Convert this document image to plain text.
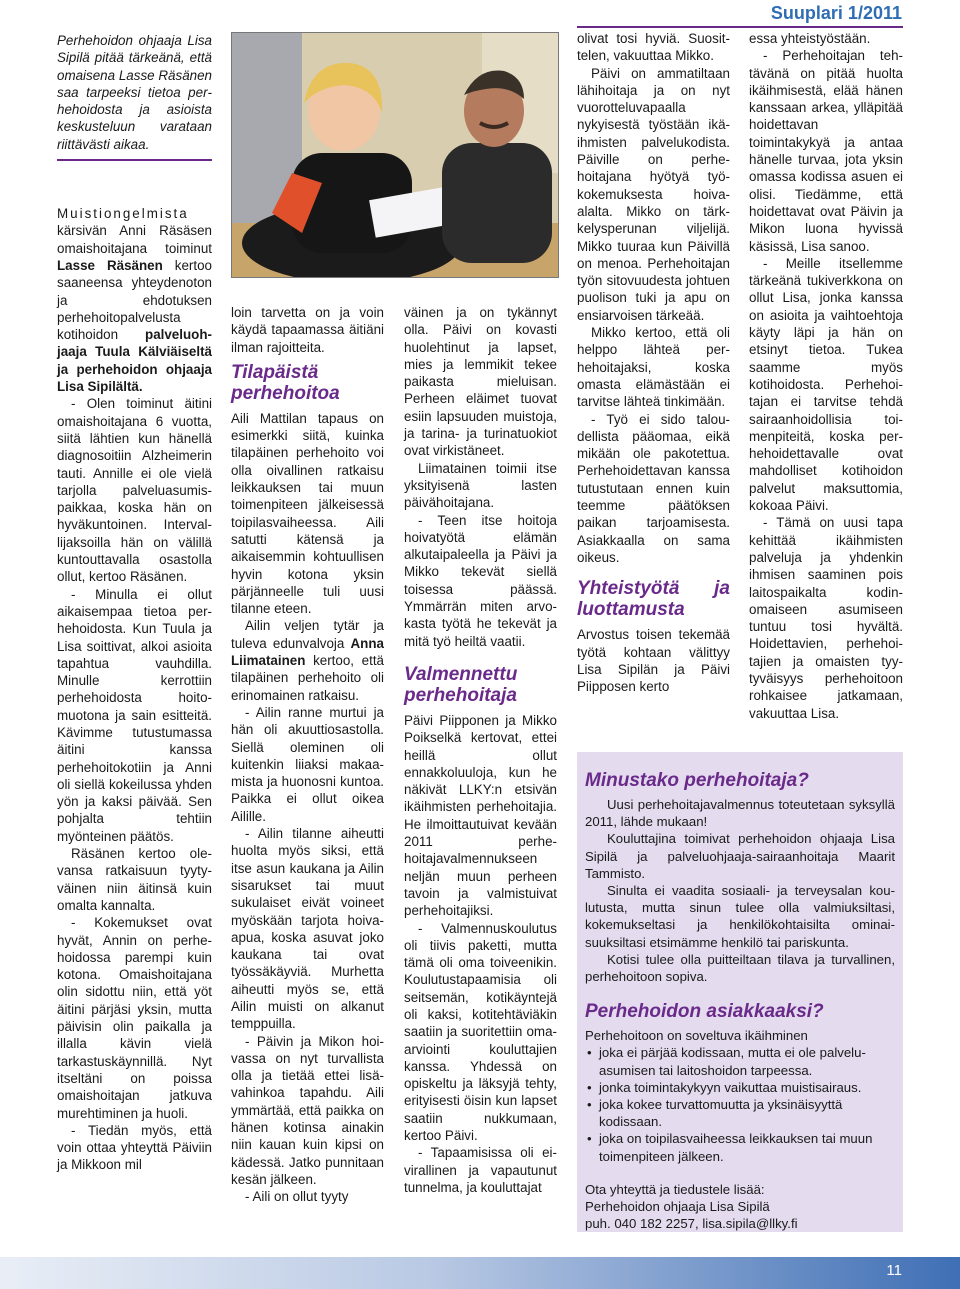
Suuplari 1/2011

Perhehoidon ohjaaja Lisa Sipilä pitää tärkeänä, että omaisena Lasse Räsänen saa tarpeeksi tietoa perhehoidosta ja asioista keskusteluun varataan riittävästi aikaa.

Muistiongelmista kärsivän Anni Räsäsen omaishoitajana toiminut Lasse Räsänen kertoo saaneensa yhteydenoton ja ehdotuksen perhehoitopalvelusta kotihoidon palveluohjaaja Tuula Kälviäiseltä ja perhehoidon ohjaaja Lisa Sipilältä.

- Olen toiminut äitini omaishoitajana 6 vuotta, siitä lähtien kun hänellä diagnosoitiin Alzheimerin tauti. Annille ei ole vielä tarjolla palveluasumispaikkaa, koska hän on hyväkuntoinen. Intervallijaksoilla hän on välillä kuntouttavalla osastolla ollut, kertoo Räsänen.

- Minulla ei ollut aikaisempaa tietoa perhehoidosta. Kun Tuula ja Lisa soittivat, alkoi asioita tapahtua vauhdilla. Minulle kerrottiin perhehoidosta hoitomuotona ja sain esitteitä. Kävimme tutustumassa äitini kanssa perhehoitokotiin ja Anni oli siellä kokeilussa yhden yön ja kaksi päivää. Sen pohjalta tehtiin myönteinen päätös.

Räsänen kertoo olevansa ratkaisuun tyytyväinen niin äitinsä kuin omalta kannalta.

- Kokemukset ovat hyvät, Annin on perhehoidossa parempi kuin kotona. Omaishoitajana olin sidottu niin, että yöt äitini pärjäsi yksin, mutta päivisin olin paikalla ja illalla kävin vielä tarkastuskäynnillä. Nyt itseltäni on poissa omaishoitajan jatkuva murehtiminen ja huoli.

- Tiedän myös, että voin ottaa yhteyttä Päiviin ja Mikkoon mil

loin tarvetta on ja voin käydä tapaamassa äitiäni ilman rajoitteita.

Tilapäistä perhehoitoa

Aili Mattilan tapaus on esimerkki siitä, kuinka tilapäinen perhehoito voi olla oivallinen ratkaisu leikkauksen tai muun toimenpiteen jälkeisessä toipilasvaiheessa. Aili satutti kätensä ja aikaisemmin kohtuullisen hyvin kotona yksin pärjänneelle tuli uusi tilanne eteen.

Ailin veljen tytär ja tuleva edunvalvoja Anna Liimatainen kertoo, että tilapäinen perhehoito oli erinomainen ratkaisu.

- Ailin ranne murtui ja hän oli akuuttiosastolla. Siellä oleminen oli kuitenkin liiaksi makaamista ja huonosni kuntoa. Paikka ei ollut oikea Ailille.

- Ailin tilanne aiheutti huolta myös siksi, että itse asun kaukana ja Ailin sisarukset tai muut sukulaiset eivät voineet myöskään tarjota hoiva-apua, koska asuvat joko kaukana tai ovat työssäkäyviä. Murhetta aiheutti myös se, että Ailin muisti on alkanut temppuilla.

- Päivin ja Mikon hoivassa on nyt turvallista olla ja tietää ettei lisävahinkoa tapahdu. Aili ymmärtää, että paikka on hänen kotinsa ainakin niin kauan kuin kipsi on kädessä. Jatko punnitaan kesän jälkeen.

- Aili on ollut tyyty

väinen ja on tykännyt olla. Päivi on kovasti huolehtinut ja lapset, mies ja lemmikit tekee paikasta mieluisan. Perheen eläimet tuovat esiin lapsuuden muistoja, ja tarina- ja turinatuokiot ovat virkistäneet.

Liimatainen toimii itse yksityisenä lasten päivähoitajana.

- Teen itse hoitoja hoivatyötä elämän alkutaipaleella ja Päivi ja Mikko tekevät siellä toisessa päässä. Ymmärrän miten arvokasta työtä he tekevät ja mitä työ heiltä vaatii.

Valmennettu perhehoitaja

Päivi Piipponen ja Mikko Poikselkä kertovat, ettei heillä ollut ennakkoluuloja, kun he näkivät LLKY:n etsivän ikäihmisten perhehoitajia. He ilmoittautuivat kevään 2011 perhehoitajavalmennukseen neljän muun perheen tavoin ja valmistuivat perhehoitajiksi.

- Valmennuskoulutus oli tiivis paketti, mutta tämä oli oma toiveenikin. Koulutustapaamisia oli seitsemän, kotikäyntejä oli kaksi, kotitehtäviäkin saatiin ja suoritettiin oma-arviointi kouluttajien kanssa. Yhdessä on opiskeltu ja läksyjä tehty, erityisesti öisin kun lapset saatiin nukkumaan, kertoo Päivi.

- Tapaamisissa oli eivirallinen ja vapautunut tunnelma, ja kouluttajat

olivat tosi hyviä. Suosittelen, vakuuttaa Mikko.

Päivi on ammatiltaan lähihoitaja ja on nyt vuorotteluvapaalla nykyisestä työstään ikäihmisten palvelukodista. Päiville on perhehoitajana hyötyä työkokemuksesta hoivaalalta. Mikko on tärkkelysperunan viljelijä. Mikko tuuraa kun Päivillä on menoa. Perhehoitajan työn sitovuudesta johtuen puolison tuki ja apu on ensiarvoisen tärkeää.

Mikko kertoo, että oli helppo lähteä perhehoitajaksi, koska omasta elämästään ei tarvitse lähteä tinkimään.

- Työ ei sido taloudellista pääomaa, eikä mikään ole pakotettua. Perhehoidettavan kanssa tutustutaan ennen kuin teemme päätöksen paikan tarjoamisesta. Asiakkaalla on sama oikeus.

Yhteistyötä ja luottamusta

Arvostus toisen tekemää työtä kohtaan välittyy Lisa Sipilän ja Päivi Piipposen kerto

essa yhteistyöstään.

- Perhehoitajan tehtävänä on pitää huolta ikäihmisestä, elää hänen kanssaan arkea, ylläpitää hoidettavan toimintakykyä ja antaa hänelle turvaa, jota yksin omassa kodissa asuen ei olisi. Tiedämme, että hoidettavat ovat Päivin ja Mikon luona hyvissä käsissä, Lisa sanoo.

- Meille itsellemme tärkeänä tukiverkkona on ollut Lisa, jonka kanssa on asioita ja vaihtoehtoja käyty läpi ja hän on etsinyt tietoa. Tukea saamme myös kotihoidosta. Perhehoitajan ei tarvitse tehdä sairaanhoidollisia toimenpiteitä, koska perhehoidettavalle ovat mahdolliset kotihoidon palvelut maksuttomia, kokoaa Päivi.

- Tämä on uusi tapa kehittää ikäihmisten palveluja ja yhdenkin ihmisen saaminen pois laitospaikalta kodinomaiseen asumiseen tuntuu tosi hyvältä. Hoidettavien, perhehoitajien ja omaisten tyytyväisyys perhehoitoon rohkaisee jatkamaan, vakuuttaa Lisa.

Minustako perhehoitaja?

Uusi perhehoitajavalmennus toteutetaan syksyllä 2011, lähde mukaan!

Kouluttajina toimivat perhehoidon ohjaaja Lisa Sipilä ja palveluohjaaja-sairaanhoitaja Maarit Tammisto.

Sinulta ei vaadita sosiaali- ja terveysalan koulutusta, mutta sinun tulee olla valmiuksiltasi, kokemukseltasi ja henkilökohtaisilta ominaisuuksiltasi etsimämme henkilö tai pariskunta.

Kotisi tulee olla puitteiltaan tilava ja turvallinen, perhehoitoon sopiva.

Perhehoidon asiakkaaksi?

Perhehoitoon on soveltuva ikäihminen

• joka ei pärjää kodissaan, mutta ei ole palveluasumisen tai laitoshoidon tarpeessa.
• jonka toimintakykyyn vaikuttaa muistisairaus.
• joka kokee turvattomuutta ja yksinäisyyttä kodissaan.
• joka on toipilasvaiheessa leikkauksen tai muun toimenpiteen jälkeen.

Ota yhteyttä ja tiedustele lisää:

Perhehoidon ohjaaja Lisa Sipilä

puh. 040 182 2257, lisa.sipila@llky.fi

11
